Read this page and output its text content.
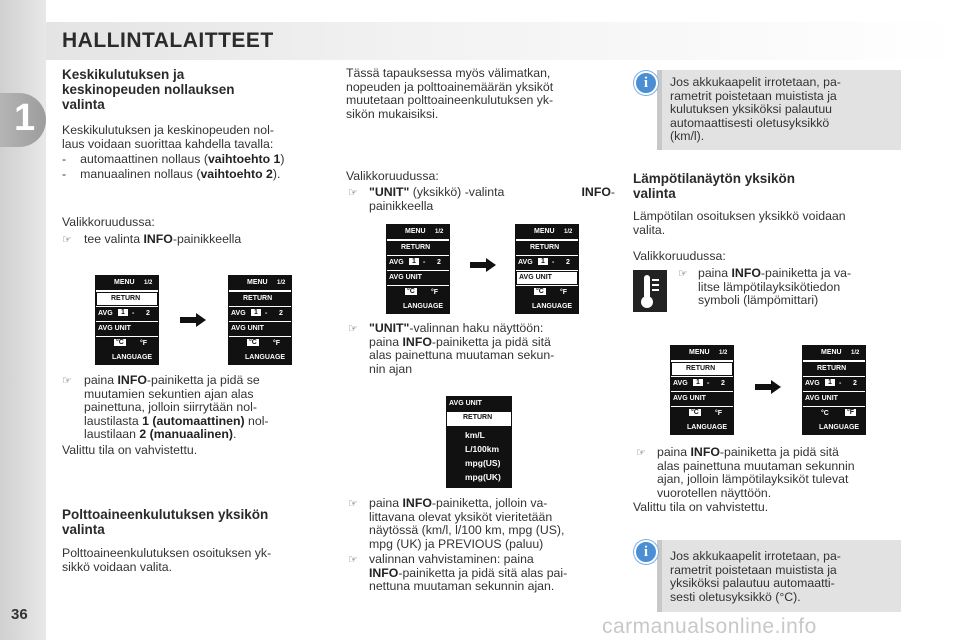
1
36
HALLINTALAITTEET
Keskikulutuksen ja
keskinopeuden nollauksen
valinta
Keskikulutuksen ja keskinopeuden nol-
laus voidaan suorittaa kahdella tavalla:
- automaattinen nollaus (vaihtoehto 1)
- manuaalinen nollaus (vaihtoehto 2).
Valikkoruudussa:
☞ tee valinta INFO-painikkeella
MENU 1/2
RETURN
AVG	1	- 2
AVG UNIT
°C °F
LANGUAGE
MENU 1/2
RETURN
AVG	1	- 2
AVG UNIT
°C °F
LANGUAGE
☞ paina INFO-painiketta ja pidä se
muutamien sekuntien ajan alas
painettuna, jolloin siirrytään nol-
laustilasta 1 (automaattinen) nol-
laustilaan 2 (manuaalinen).
Valittu tila on vahvistettu.
Polttoaineenkulutuksen yksikön
valinta
Polttoaineenkulutuksen osoituksen yk-
sikkö voidaan valita.
Tässä tapauksessa myös välimatkan,
nopeuden ja polttoainemäärän yksiköt
muutetaan polttoaineenkulutuksen yk-
sikön mukaisiksi.
Valikkoruudussa:
☞ "UNIT" (yksikkö) -valinta	INFO-
painikkeella
MENU 1/2
RETURN
AVG	1	- 2
AVG UNIT
°C °F
LANGUAGE
MENU 1/2
RETURN
AVG	1	- 2
AVG UNIT
°C °F
LANGUAGE
☞ "UNIT"-valinnan haku näyttöön:
paina INFO-painiketta ja pidä sitä
alas painettuna muutaman sekun-
nin ajan
AVG UNIT
RETURN
km/L
L/100km
mpg(US)
mpg(UK)
☞ paina INFO-painiketta, jolloin va-
littavana olevat yksiköt vieritetään
näytössä (km/l, l/100 km, mpg (US),
mpg (UK) ja PREVIOUS (paluu)
☞ valinnan vahvistaminen: paina
INFO-painiketta ja pidä sitä alas pai-
nettuna muutaman sekunnin ajan.
i	Jos akkukaapelit irrotetaan, pa-
rametrit poistetaan muistista ja
kulutuksen yksiköksi palautuu
automaattisesti oletusyksikkö
(km/l).
Lämpötilanäytön yksikön
valinta
Lämpötilan osoituksen yksikkö voidaan
valita.
Valikkoruudussa:
☞ paina INFO-painiketta ja va-
litse lämpötilayksikötiedon
symboli (lämpömittari)
MENU 1/2
RETURN
AVG	1	- 2
AVG UNIT
°C °F
LANGUAGE
MENU 1/2
RETURN
AVG	1	- 2
AVG UNIT
°C	°F
LANGUAGE
☞ paina INFO-painiketta ja pidä sitä
alas painettuna muutaman sekunnin
ajan, jolloin lämpötilayksiköt tulevat
vuorotellen näyttöön.
Valittu tila on vahvistettu.
i	Jos akkukaapelit irrotetaan, pa-
rametrit poistetaan muistista ja
yksiköksi palautuu automaatti-
sesti oletusyksikkö (°C).
carmanualsonline.info
